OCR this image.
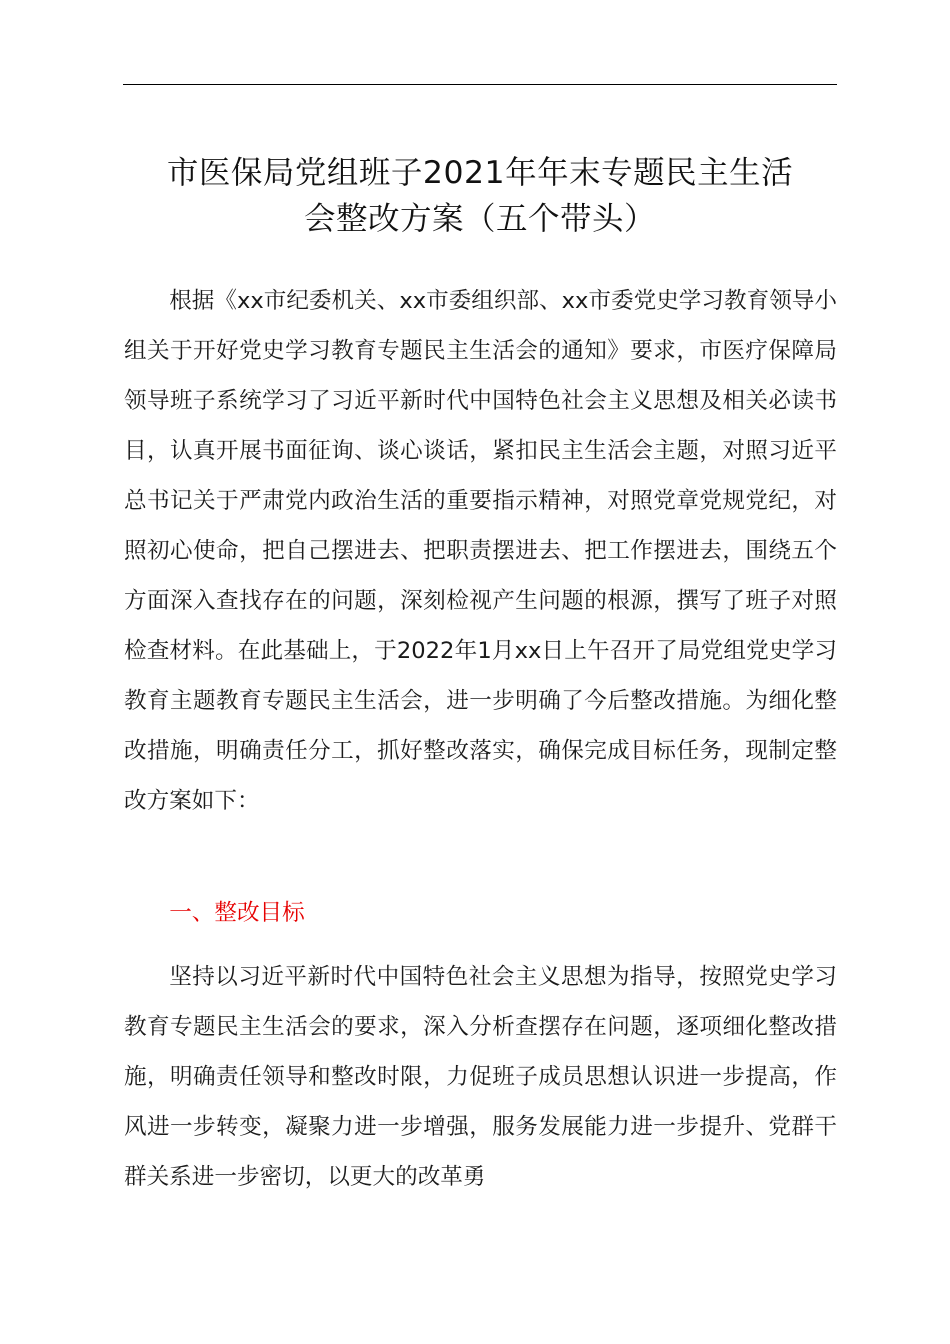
市医保局党组班子2021年年末专题民主生活
会整改方案（五个带头）

根据《xx市纪委机关、xx市委组织部、xx市委党史学习教育领导小组关于开好党史学习教育专题民主生活会的通知》要求，市医疗保障局领导班子系统学习了习近平新时代中国特色社会主义思想及相关必读书目，认真开展书面征询、谈心谈话，紧扣民主生活会主题，对照习近平总书记关于严肃党内政治生活的重要指示精神，对照党章党规党纪，对照初心使命，把自己摆进去、把职责摆进去、把工作摆进去，围绕五个方面深入查找存在的问题，深刻检视产生问题的根源，撰写了班子对照检查材料。在此基础上，于2022年1月xx日上午召开了局党组党史学习教育主题教育专题民主生活会，进一步明确了今后整改措施。为细化整改措施，明确责任分工，抓好整改落实，确保完成目标任务，现制定整改方案如下：

一、整改目标

坚持以习近平新时代中国特色社会主义思想为指导，按照党史学习教育专题民主生活会的要求，深入分析查摆存在问题，逐项细化整改措施，明确责任领导和整改时限，力促班子成员思想认识进一步提高，作风进一步转变，凝聚力进一步增强，服务发展能力进一步提升、党群干群关系进一步密切，以更大的改革勇
